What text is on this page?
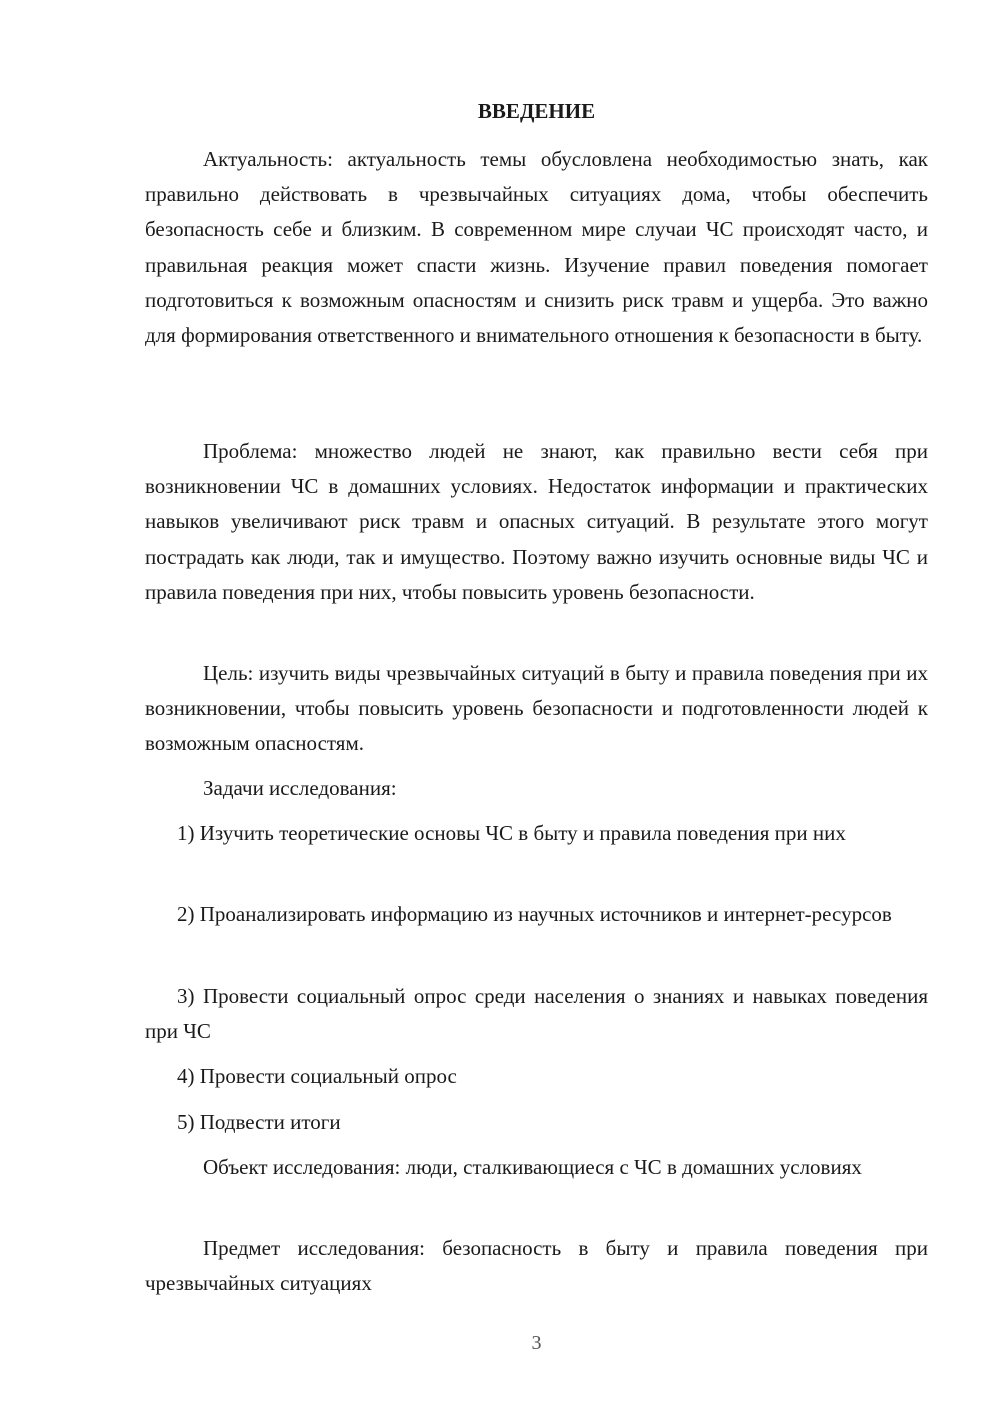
ВВЕДЕНИЕ
Актуальность: актуальность темы обусловлена необходимостью знать, как правильно действовать в чрезвычайных ситуациях дома, чтобы обеспечить безопасность себе и близким. В современном мире случаи ЧС происходят часто, и правильная реакция может спасти жизнь. Изучение правил поведения помогает подготовиться к возможным опасностям и снизить риск травм и ущерба. Это важно для формирования ответственного и внимательного отношения к безопасности в быту.
Проблема: множество людей не знают, как правильно вести себя при возникновении ЧС в домашних условиях. Недостаток информации и практических навыков увеличивают риск травм и опасных ситуаций. В результате этого могут пострадать как люди, так и имущество. Поэтому важно изучить основные виды ЧС и правила поведения при них, чтобы повысить уровень безопасности.
Цель: изучить виды чрезвычайных ситуаций в быту и правила поведения при их возникновении, чтобы повысить уровень безопасности и подготовленности людей к возможным опасностям.
Задачи исследования:
1) Изучить теоретические основы ЧС в быту и правила поведения при них
2) Проанализировать информацию из научных источников и интернет-ресурсов
3) Провести социальный опрос среди населения о знаниях и навыках поведения при ЧС
4) Провести социальный опрос
5) Подвести итоги
Объект исследования: люди, сталкивающиеся с ЧС в домашних условиях
Предмет исследования: безопасность в быту и правила поведения при чрезвычайных ситуациях
3
